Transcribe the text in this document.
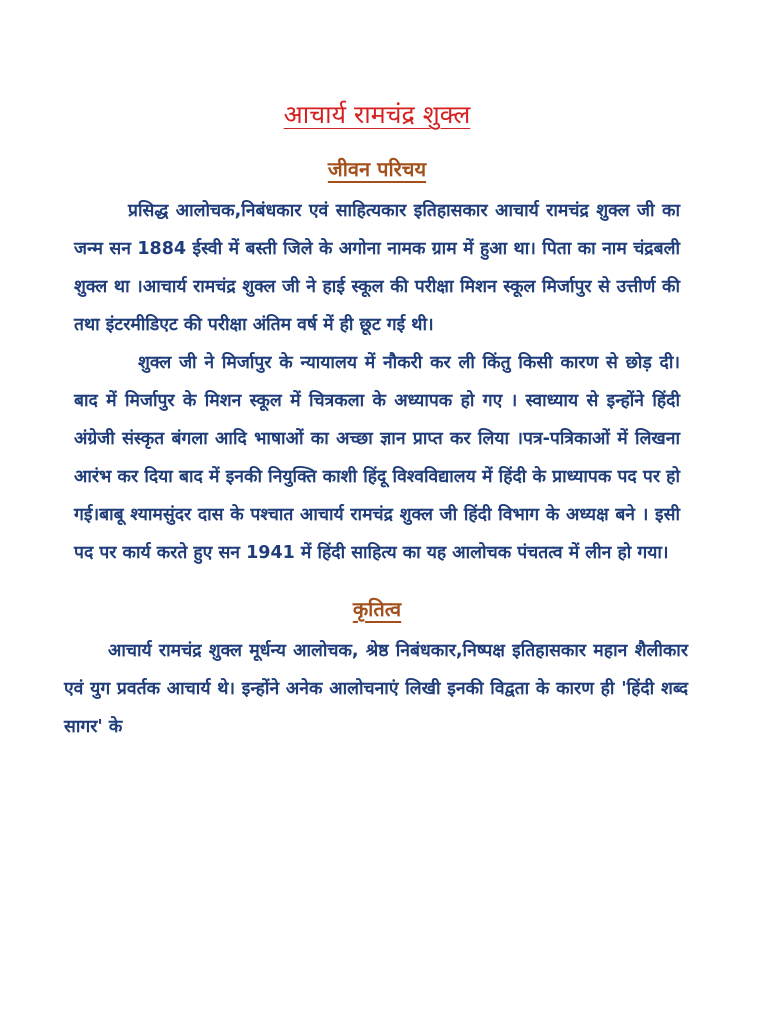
आचार्य रामचंद्र शुक्ल
जीवन परिचय

प्रसिद्ध आलोचक,निबंधकार एवं साहित्यकार इतिहासकार आचार्य रामचंद्र शुक्ल जी का जन्म सन 1884 ईस्वी में बस्ती जिले के अगोना नामक ग्राम में हुआ था। पिता का नाम चंद्रबली शुक्ल था ।आचार्य रामचंद्र शुक्ल जी ने हाई स्कूल की परीक्षा मिशन स्कूल मिर्जापुर से उत्तीर्ण की तथा इंटरमीडिएट की परीक्षा अंतिम वर्ष में ही छूट गई थी।

शुक्ल जी ने मिर्जापुर के न्यायालय में नौकरी कर ली किंतु किसी कारण से छोड़ दी। बाद में मिर्जापुर के मिशन स्कूल में चित्रकला के अध्यापक हो गए । स्वाध्याय से इन्होंने हिंदी अंग्रेजी संस्कृत बंगला आदि भाषाओं का अच्छा ज्ञान प्राप्त कर लिया ।पत्र-पत्रिकाओं में लिखना आरंभ कर दिया बाद में इनकी नियुक्ति काशी हिंदू विश्वविद्यालय में हिंदी के प्राध्यापक पद पर हो गई।बाबू श्यामसुंदर दास के पश्चात आचार्य रामचंद्र शुक्ल जी हिंदी विभाग के अध्यक्ष बने । इसी पद पर कार्य करते हुए सन 1941 में हिंदी साहित्य का यह आलोचक पंचतत्व में लीन हो गया।

कृतित्व

आचार्य रामचंद्र शुक्ल मूर्धन्य आलोचक, श्रेष्ठ निबंधकार,निष्पक्ष इतिहासकार महान शैलीकार एवं युग प्रवर्तक आचार्य थे। इन्होंने अनेक आलोचनाएं लिखी इनकी विद्वता के कारण ही 'हिंदी शब्द सागर' के
